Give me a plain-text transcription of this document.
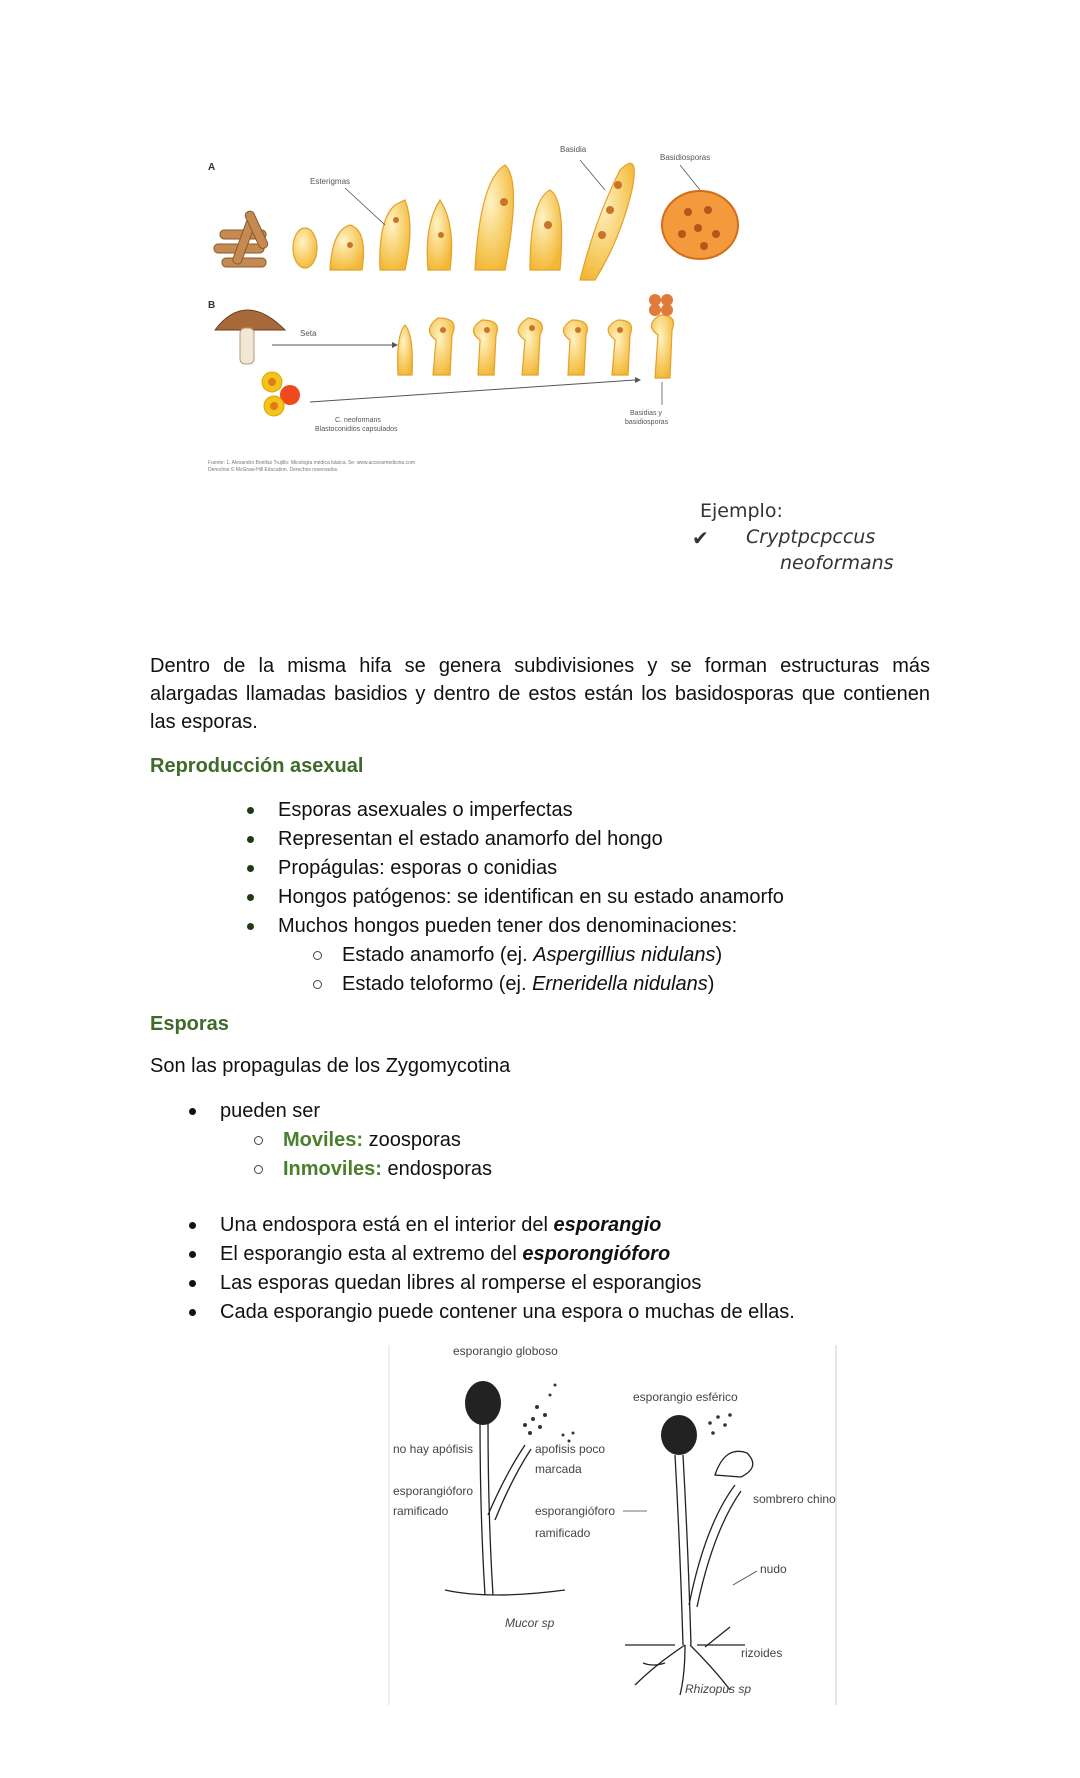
A
B
Esterigmas
Basidia
Basidiosporas
Seta
C. neoformans
Blastoconidios capsulados
Basidias y
basidiosporas
Fuente: 1. Alexandro Bonifaz Trujillo: Micología médica básica, 5e: www.accessmedicina.com
Derechos © McGraw-Hill Education. Derechos reservados.
Ejemplo:
✔ Cryptpcpccus
neoformans
Dentro de la misma hifa se genera subdivisiones y se forman estructuras más alargadas llamadas basidios y dentro de estos están los basidosporas que contienen las esporas.
Reproducción asexual
Esporas asexuales o imperfectas
Representan el estado anamorfo del hongo
Propágulas: esporas o conidias
Hongos patógenos: se identifican en su estado anamorfo
Muchos hongos pueden tener dos denominaciones:
Estado anamorfo (ej. Aspergillius nidulans)
Estado teloformo (ej. Erneridella nidulans)
Esporas
Son las propagulas de los Zygomycotina
pueden ser
Moviles: zoosporas
Inmoviles: endosporas
Una endospora está en el interior del esporangio
El esporangio esta al extremo del esporongióforo
Las esporas quedan libres al romperse el esporangios
Cada esporangio puede contener una espora o muchas de ellas.
esporangio globoso
no hay apófisis
esporangióforo
ramificado
Mucor sp
esporangio esférico
apofisis poco
marcada
esporangióforo
ramificado
sombrero chino
nudo
rizoides
Rhizopus sp
